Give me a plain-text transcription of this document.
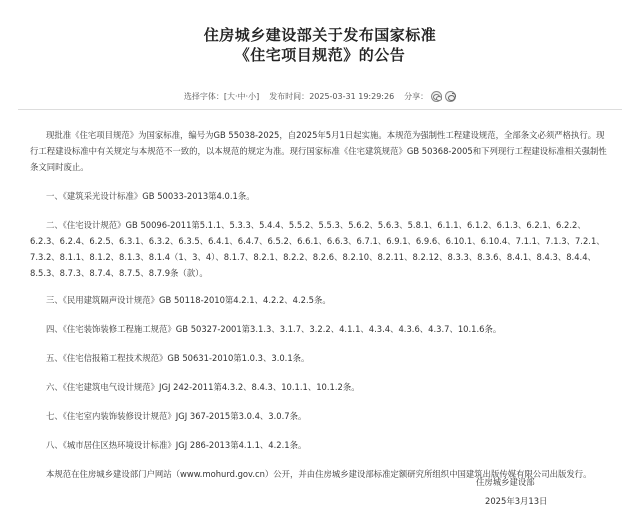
住房城乡建设部关于发布国家标准
《住宅项目规范》的公告
选择字体：[大·中·小] 发布时间：2025-03-31 19:29:26 分享：

现批准《住宅项目规范》为国家标准，编号为GB 55038-2025，自2025年5月1日起实施。本规范为强制性工程建设规范，全部条文必须严格执行。现行工程建设标准中有关规定与本规范不一致的，以本规范的规定为准。现行国家标准《住宅建筑规范》GB 50368-2005和下列现行工程建设标准相关强制性条文同时废止。

一、《建筑采光设计标准》GB 50033-2013第4.0.1条。

二、《住宅设计规范》GB 50096-2011第5.1.1、5.3.3、5.4.4、5.5.2、5.5.3、5.6.2、5.6.3、5.8.1、6.1.1、6.1.2、6.1.3、6.2.1、6.2.2、6.2.3、6.2.4、6.2.5、6.3.1、6.3.2、6.3.5、6.4.1、6.4.7、6.5.2、6.6.1、6.6.3、6.7.1、6.9.1、6.9.6、6.10.1、6.10.4、7.1.1、7.1.3、7.2.1、7.3.2、8.1.1、8.1.2、8.1.3、8.1.4（1、3、4）、8.1.7、8.2.1、8.2.2、8.2.6、8.2.10、8.2.11、8.2.12、8.3.3、8.3.6、8.4.1、8.4.3、8.4.4、8.5.3、8.7.3、8.7.4、8.7.5、8.7.9条（款）。

三、《民用建筑隔声设计规范》GB 50118-2010第4.2.1、4.2.2、4.2.5条。

四、《住宅装饰装修工程施工规范》GB 50327-2001第3.1.3、3.1.7、3.2.2、4.1.1、4.3.4、4.3.6、4.3.7、10.1.6条。

五、《住宅信报箱工程技术规范》GB 50631-2010第1.0.3、3.0.1条。

六、《住宅建筑电气设计规范》JGJ 242-2011第4.3.2、8.4.3、10.1.1、10.1.2条。

七、《住宅室内装饰装修设计规范》JGJ 367-2015第3.0.4、3.0.7条。

八、《城市居住区热环境设计标准》JGJ 286-2013第4.1.1、4.2.1条。

本规范在住房城乡建设部门户网站（www.mohurd.gov.cn）公开，并由住房城乡建设部标准定额研究所组织中国建筑出版传媒有限公司出版发行。

住房城乡建设部
2025年3月13日
